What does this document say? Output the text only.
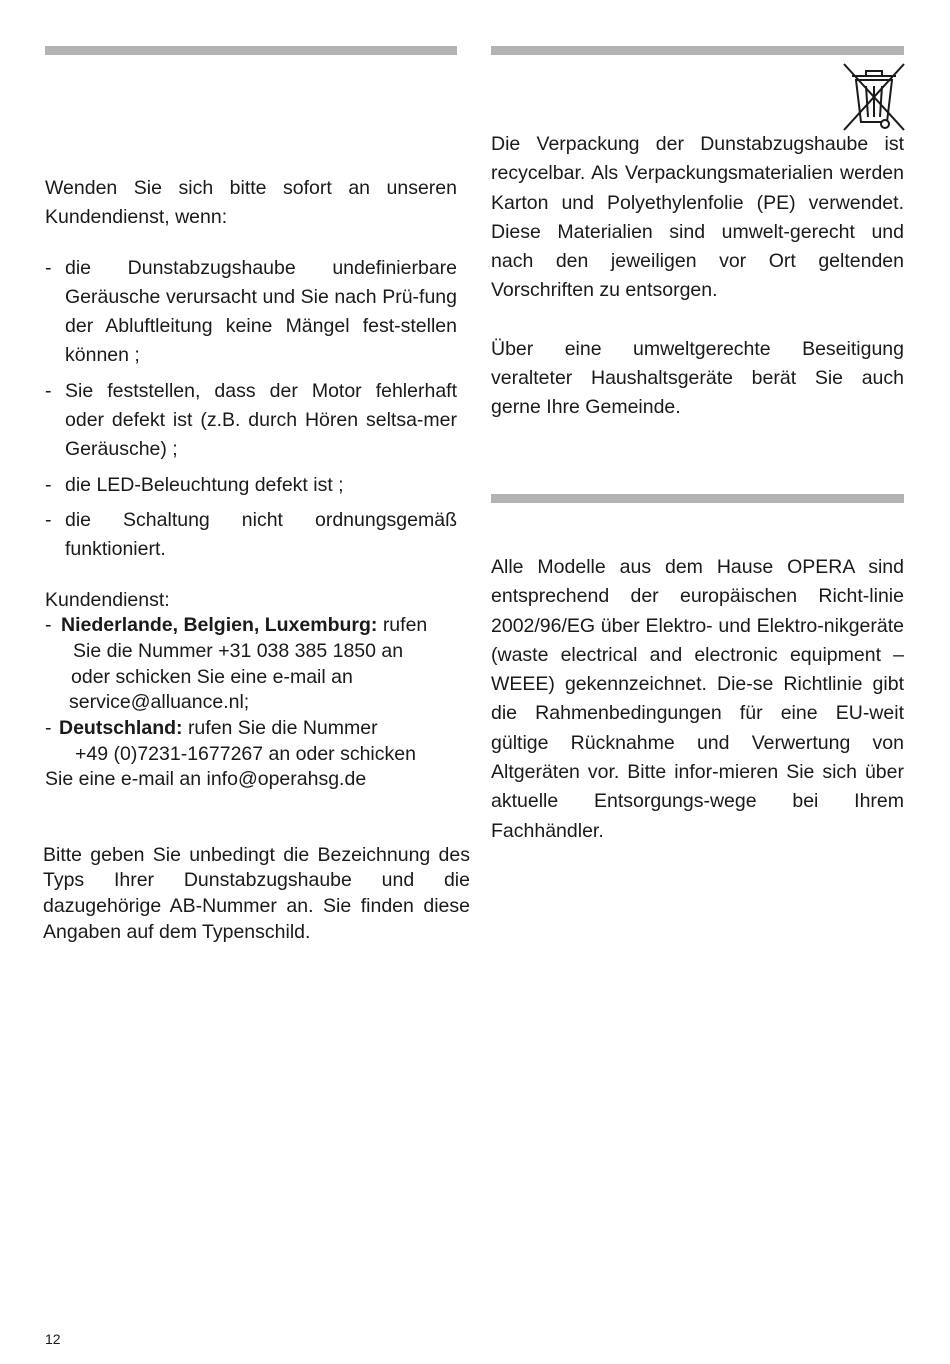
Wenden Sie sich bitte sofort an unseren Kundendienst, wenn:

- die Dunstabzugshaube undefinierbare Geräusche verursacht und Sie nach Prü-fung der Abluftleitung keine Mängel fest-stellen können ;
- Sie feststellen, dass der Motor fehlerhaft oder defekt ist (z.B. durch Hören seltsa-mer Geräusche) ;
- die LED-Beleuchtung defekt ist ;
- die Schaltung nicht ordnungsgemäß funktioniert.
Kundendienst:
- Niederlande, Belgien, Luxemburg: rufen
Sie die Nummer +31 038 385 1850 an
oder schicken Sie eine e-mail an
service@alluance.nl;
- Deutschland: rufen Sie die Nummer
+49 (0)7231-1677267 an oder schicken
Sie eine e-mail an info@operahsg.de

Bitte geben Sie unbedingt die Bezeichnung des Typs Ihrer Dunstabzugshaube und die dazugehörige AB-Nummer an. Sie finden diese Angaben auf dem Typenschild.

Die Verpackung der Dunstabzugshaube ist recycelbar. Als Verpackungsmaterialien werden Karton und Polyethylenfolie (PE) verwendet. Diese Materialien sind umwelt-gerecht und nach den jeweiligen vor Ort geltenden Vorschriften zu entsorgen.

Über eine umweltgerechte Beseitigung veralteter Haushaltsgeräte berät Sie auch gerne Ihre Gemeinde.

Alle Modelle aus dem Hause OPERA sind entsprechend der europäischen Richt-linie 2002/96/EG über Elektro- und Elektro-nikgeräte (waste electrical and electronic equipment – WEEE) gekennzeichnet. Die-se Richtlinie gibt die Rahmenbedingungen für eine EU-weit gültige Rücknahme und Verwertung von Altgeräten vor. Bitte infor-mieren Sie sich über aktuelle Entsorgungs-wege bei Ihrem Fachhändler.

12
